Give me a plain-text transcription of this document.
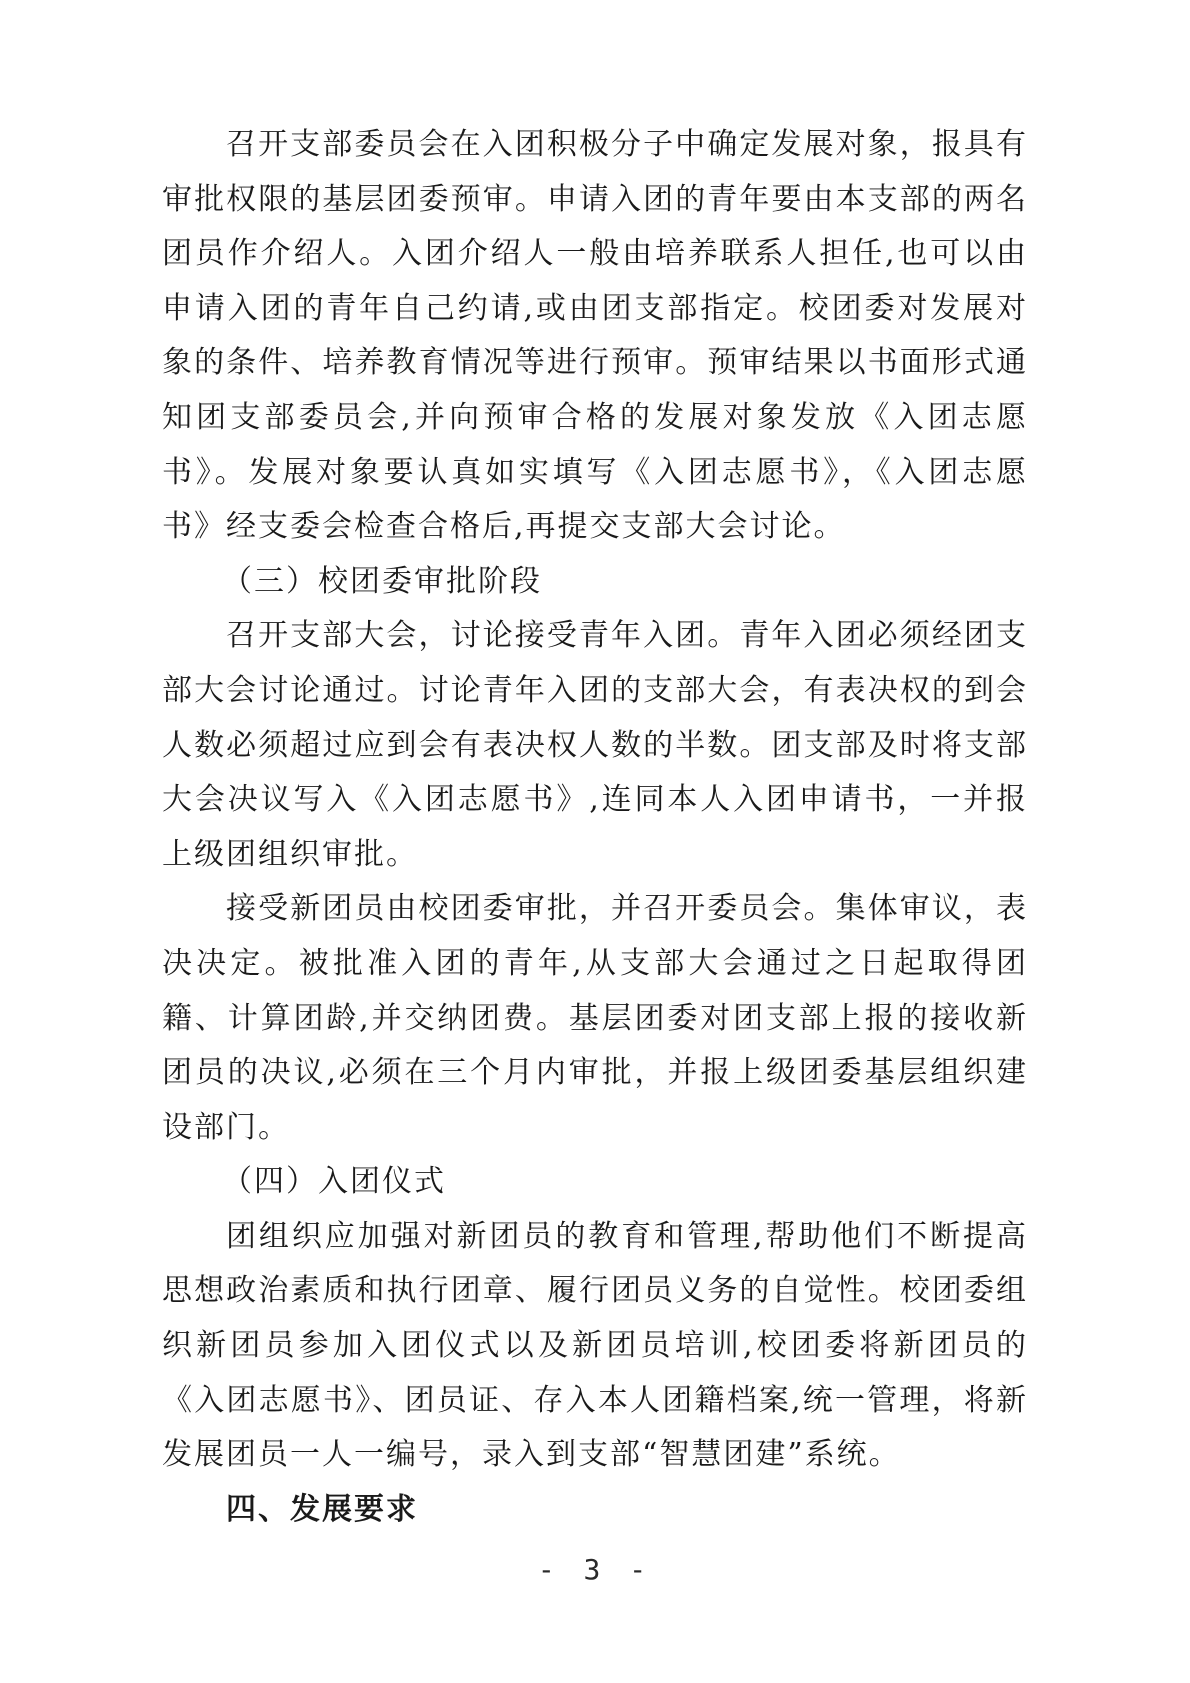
召开支部委员会在入团积极分子中确定发展对象，报具有审批权限的基层团委预审。申请入团的青年要由本支部的两名团员作介绍人。入团介绍人一般由培养联系人担任,也可以由申请入团的青年自己约请,或由团支部指定。校团委对发展对象的条件、培养教育情况等进行预审。预审结果以书面形式通知团支部委员会,并向预审合格的发展对象发放《入团志愿书》。发展对象要认真如实填写《入团志愿书》，《入团志愿书》经支委会检查合格后,再提交支部大会讨论。

（三）校团委审批阶段

召开支部大会，讨论接受青年入团。青年入团必须经团支部大会讨论通过。讨论青年入团的支部大会，有表决权的到会人数必须超过应到会有表决权人数的半数。团支部及时将支部大会决议写入《入团志愿书》,连同本人入团申请书，一并报上级团组织审批。

接受新团员由校团委审批，并召开委员会。集体审议，表决决定。被批准入团的青年,从支部大会通过之日起取得团籍、计算团龄,并交纳团费。基层团委对团支部上报的接收新团员的决议,必须在三个月内审批，并报上级团委基层组织建设部门。

（四）入团仪式

团组织应加强对新团员的教育和管理,帮助他们不断提高思想政治素质和执行团章、履行团员义务的自觉性。校团委组织新团员参加入团仪式以及新团员培训,校团委将新团员的《入团志愿书》、团员证、存入本人团籍档案,统一管理，将新发展团员一人一编号，录入到支部“智慧团建”系统。

四、发展要求

- 3 -
